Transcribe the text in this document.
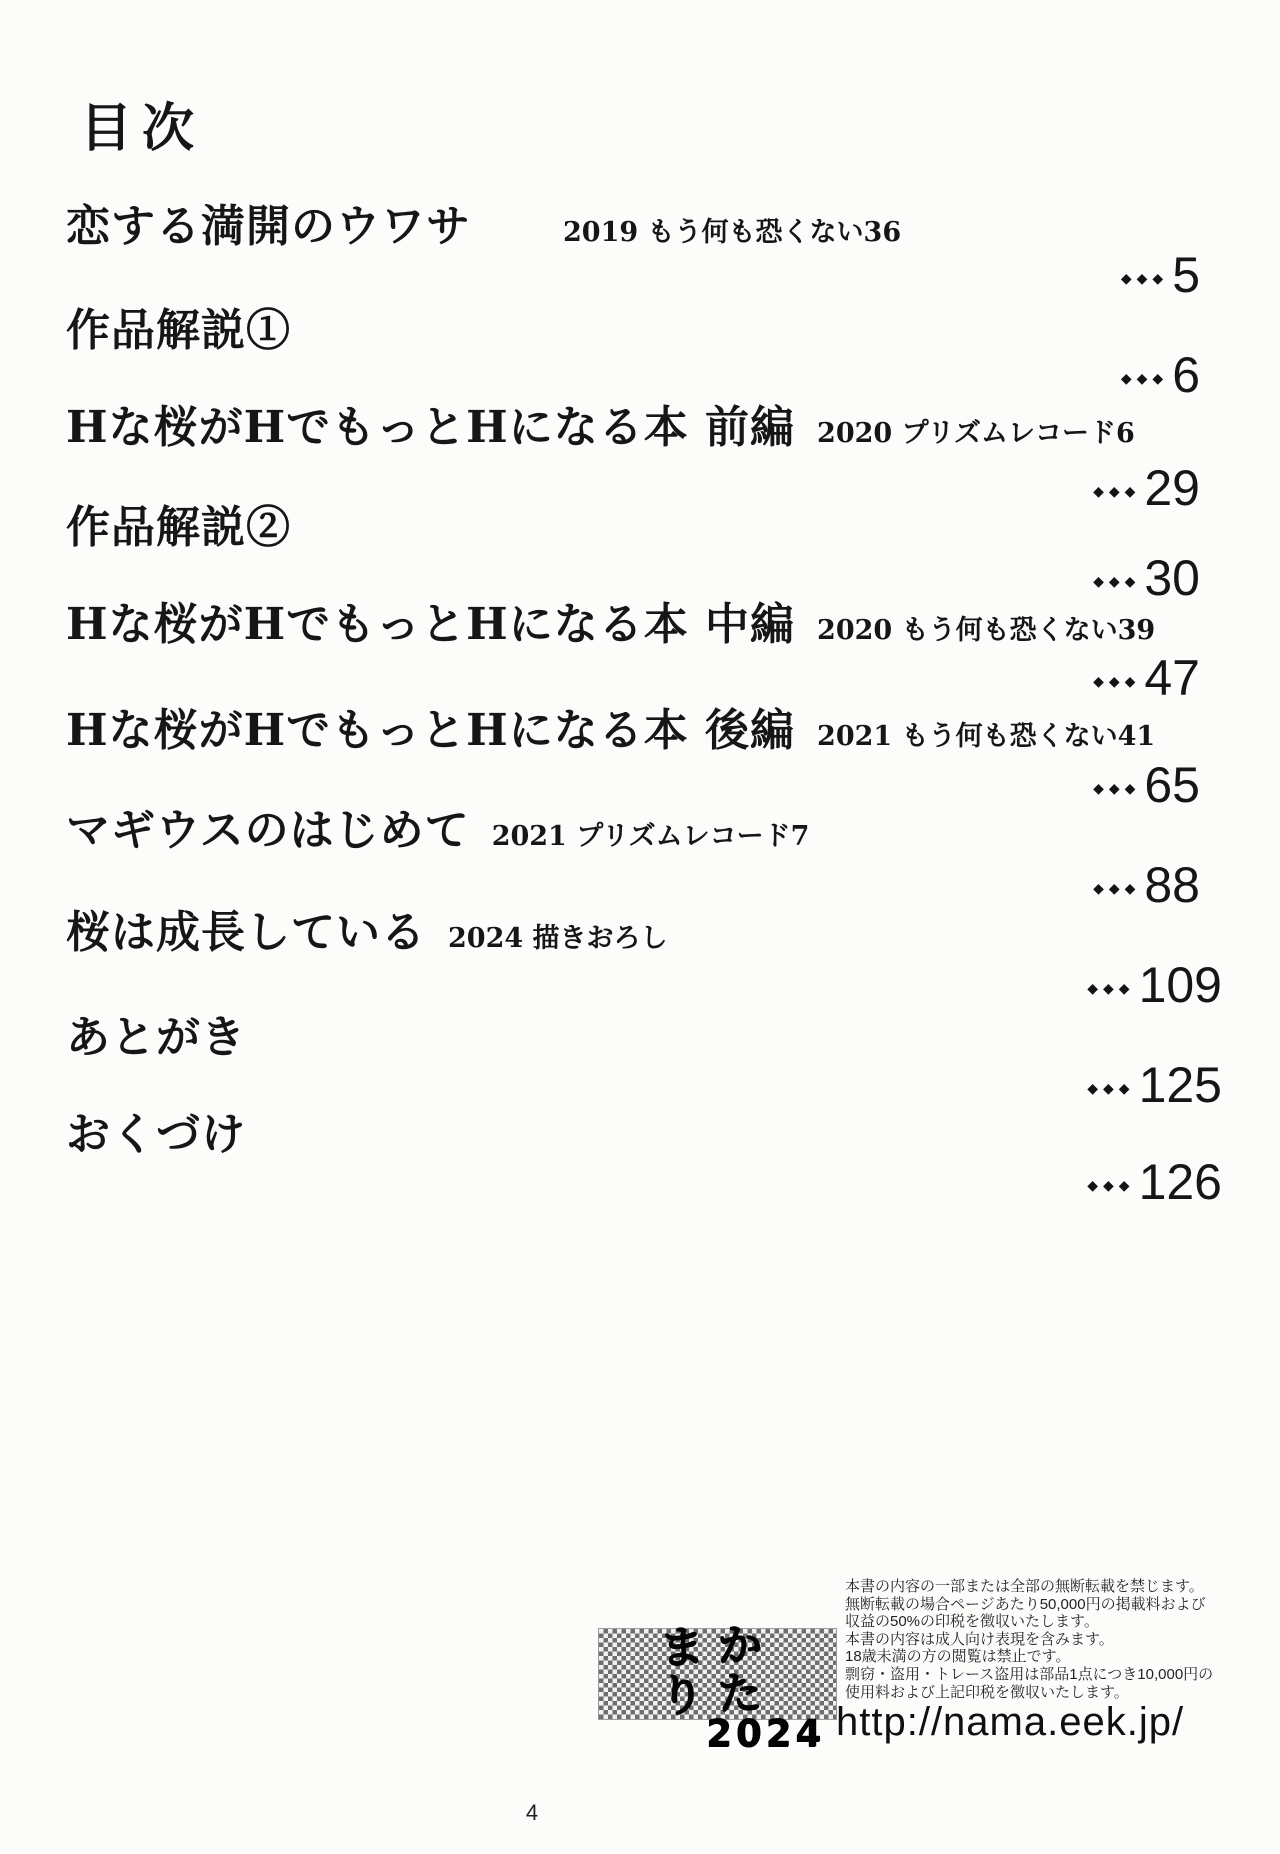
目次
恋する満開のウワサ	2019 もう何も恐くない36
◆◆◆5
作品解説①
◆◆◆6
Hな桜がHでもっとHになる本 前編 2020 プリズムレコード6
◆◆◆29
作品解説②
◆◆◆30
Hな桜がHでもっとHになる本 中編 2020 もう何も恐くない39
◆◆◆47
Hな桜がHでもっとHになる本 後編 2021 もう何も恐くない41
◆◆◆65
マギウスのはじめて 2021 プリズムレコード7
◆◆◆88
桜は成長している 2024 描きおろし
◆◆◆109
あとがき
◆◆◆125
おくづけ
◆◆◆126
まか
りた
2024
本書の内容の一部または全部の無断転載を禁じます。
無断転載の場合ページあたり50,000円の掲載料および
収益の50%の印税を徴収いたします。
本書の内容は成人向け表現を含みます。
18歳未満の方の閲覧は禁止です。
剽窃・盗用・トレース盗用は部品1点につき10,000円の
使用料および上記印税を徴収いたします。
http://nama.eek.jp/
4
